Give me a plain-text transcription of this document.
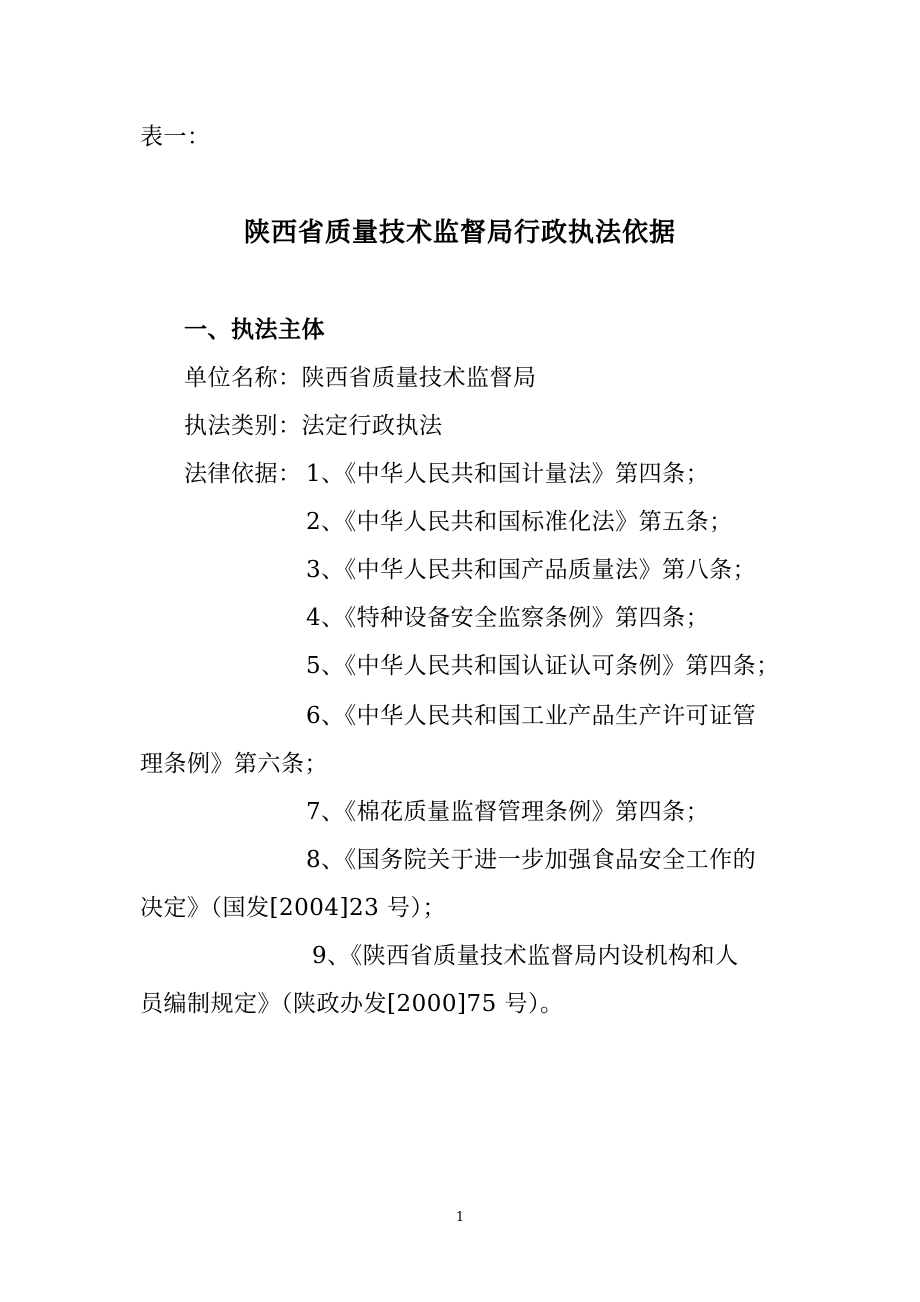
表一：
陕西省质量技术监督局行政执法依据
一、执法主体
单位名称：陕西省质量技术监督局
执法类别：法定行政执法
法律依据： 1、《中华人民共和国计量法》第四条；
2、《中华人民共和国标准化法》第五条；
3、《中华人民共和国产品质量法》第八条；
4、《特种设备安全监察条例》第四条；
5、《中华人民共和国认证认可条例》第四条；
6、《中华人民共和国工业产品生产许可证管
理条例》第六条；
7、《棉花质量监督管理条例》第四条；
8、《国务院关于进一步加强食品安全工作的
决定》（国发[2004]23 号）；
9、《陕西省质量技术监督局内设机构和人
员编制规定》（陕政办发[2000]75 号）。
1
